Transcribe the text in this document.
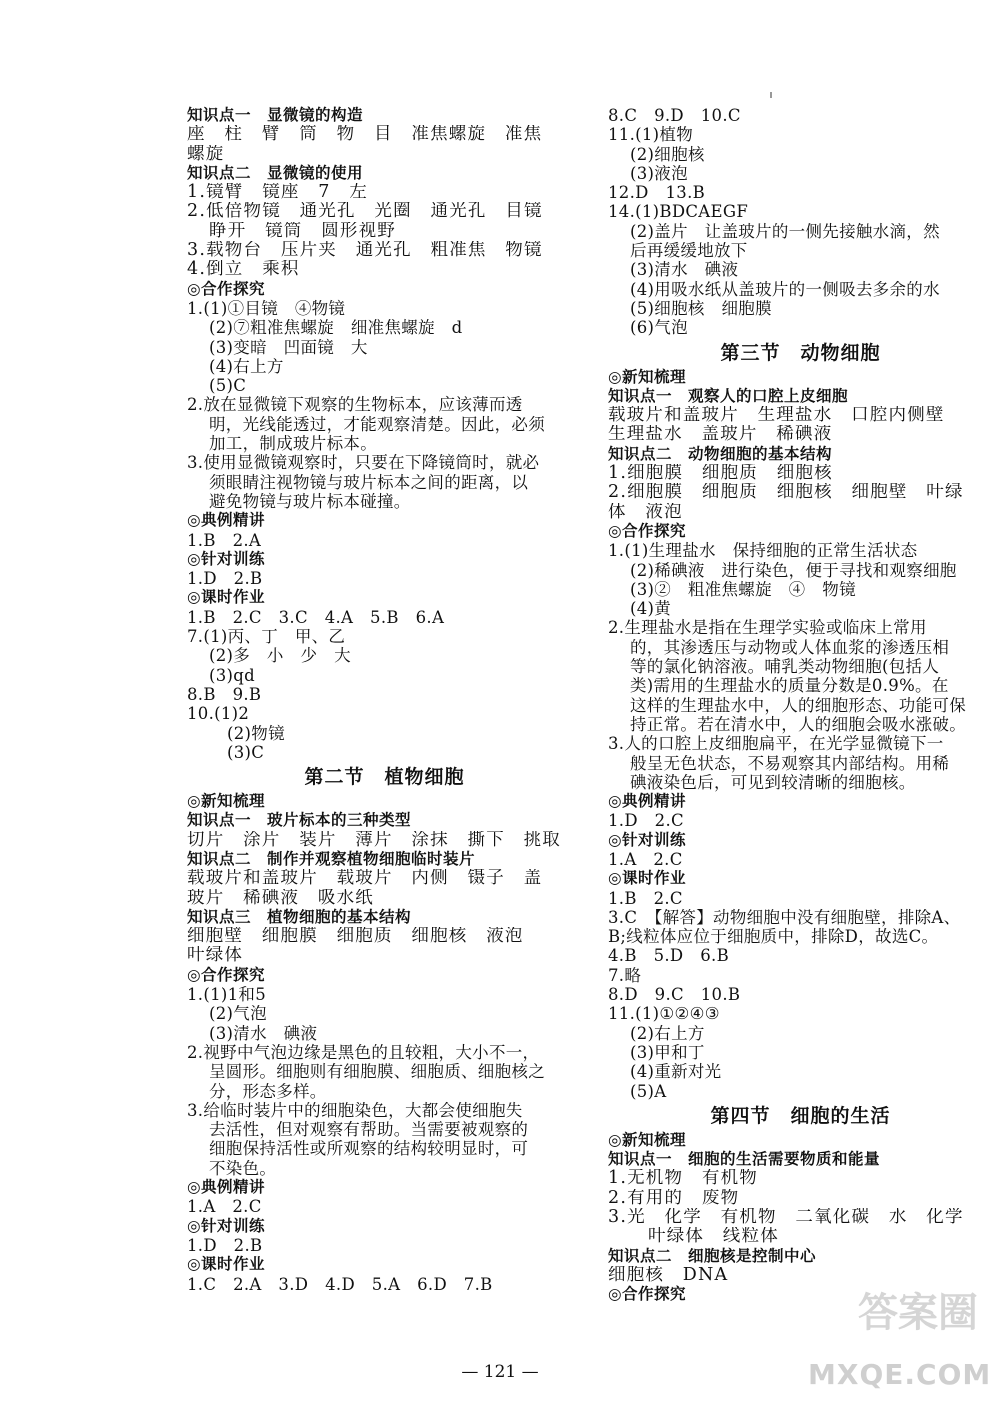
知识点一　显微镜的构造
座　柱　臂　筒　物　目　准焦螺旋　准焦
螺旋
知识点二　显微镜的使用
1.镜臂　镜座　7　左
2.低倍物镜　通光孔　光圈　通光孔　目镜
睁开　镜筒　圆形视野
3.载物台　压片夹　通光孔　粗准焦　物镜
4.倒立　乘积
◎合作探究
1.(1)①目镜　④物镜
(2)⑦粗准焦螺旋　细准焦螺旋　d
(3)变暗　凹面镜　大
(4)右上方
(5)C
2.放在显微镜下观察的生物标本，应该薄而透
明，光线能透过，才能观察清楚。因此，必须
加工，制成玻片标本。
3.使用显微镜观察时，只要在下降镜筒时，就必
须眼睛注视物镜与玻片标本之间的距离，以
避免物镜与玻片标本碰撞。
◎典例精讲
1.B　2.A
◎针对训练
1.D　2.B
◎课时作业
1.B　2.C　3.C　4.A　5.B　6.A
7.(1)丙、丁　甲、乙
(2)多　小　少　大
(3)qd
8.B　9.B
10.(1)2
(2)物镜
(3)C
第二节　植物细胞
◎新知梳理
知识点一　玻片标本的三种类型
切片　涂片　装片　薄片　涂抹　撕下　挑取
知识点二　制作并观察植物细胞临时装片
载玻片和盖玻片　载玻片　内侧　镊子　盖
玻片　稀碘液　吸水纸
知识点三　植物细胞的基本结构
细胞壁　细胞膜　细胞质　细胞核　液泡
叶绿体
◎合作探究
1.(1)1和5
(2)气泡
(3)清水　碘液
2.视野中气泡边缘是黑色的且较粗，大小不一，
呈圆形。细胞则有细胞膜、细胞质、细胞核之
分，形态多样。
3.给临时装片中的细胞染色，大都会使细胞失
去活性，但对观察有帮助。当需要被观察的
细胞保持活性或所观察的结构较明显时，可
不染色。
◎典例精讲
1.A　2.C
◎针对训练
1.D　2.B
◎课时作业
1.C　2.A　3.D　4.D　5.A　6.D　7.B
8.C　9.D　10.C
11.(1)植物
(2)细胞核
(3)液泡
12.D　13.B
14.(1)BDCAEGF
(2)盖片　让盖玻片的一侧先接触水滴，然
后再缓缓地放下
(3)清水　碘液
(4)用吸水纸从盖玻片的一侧吸去多余的水
(5)细胞核　细胞膜
(6)气泡
第三节　动物细胞
◎新知梳理
知识点一　观察人的口腔上皮细胞
载玻片和盖玻片　生理盐水　口腔内侧壁
生理盐水　盖玻片　稀碘液
知识点二　动物细胞的基本结构
1.细胞膜　细胞质　细胞核
2.细胞膜　细胞质　细胞核　细胞壁　叶绿
体　液泡
◎合作探究
1.(1)生理盐水　保持细胞的正常生活状态
(2)稀碘液　进行染色，便于寻找和观察细胞
(3)②　粗准焦螺旋　④　物镜
(4)黄
2.生理盐水是指在生理学实验或临床上常用
的，其渗透压与动物或人体血浆的渗透压相
等的氯化钠溶液。哺乳类动物细胞(包括人
类)需用的生理盐水的质量分数是0.9%。在
这样的生理盐水中，人的细胞形态、功能可保
持正常。若在清水中，人的细胞会吸水涨破。
3.人的口腔上皮细胞扁平，在光学显微镜下一
般呈无色状态，不易观察其内部结构。用稀
碘液染色后，可见到较清晰的细胞核。
◎典例精讲
1.D　2.C
◎针对训练
1.A　2.C
◎课时作业
1.B　2.C
3.C　【解答】动物细胞中没有细胞壁，排除A、
B;线粒体应位于细胞质中，排除D，故选C。
4.B　5.D　6.B
7.略
8.D　9.C　10.B
11.(1)①②④③
(2)右上方
(3)甲和丁
(4)重新对光
(5)A
第四节　细胞的生活
◎新知梳理
知识点一　细胞的生活需要物质和能量
1.无机物　有机物
2.有用的　废物
3.光　化学　有机物　二氧化碳　水　化学
叶绿体　线粒体
知识点二　细胞核是控制中心
细胞核　DNA
◎合作探究
— 121 —
答案圈
MXQE.COM
